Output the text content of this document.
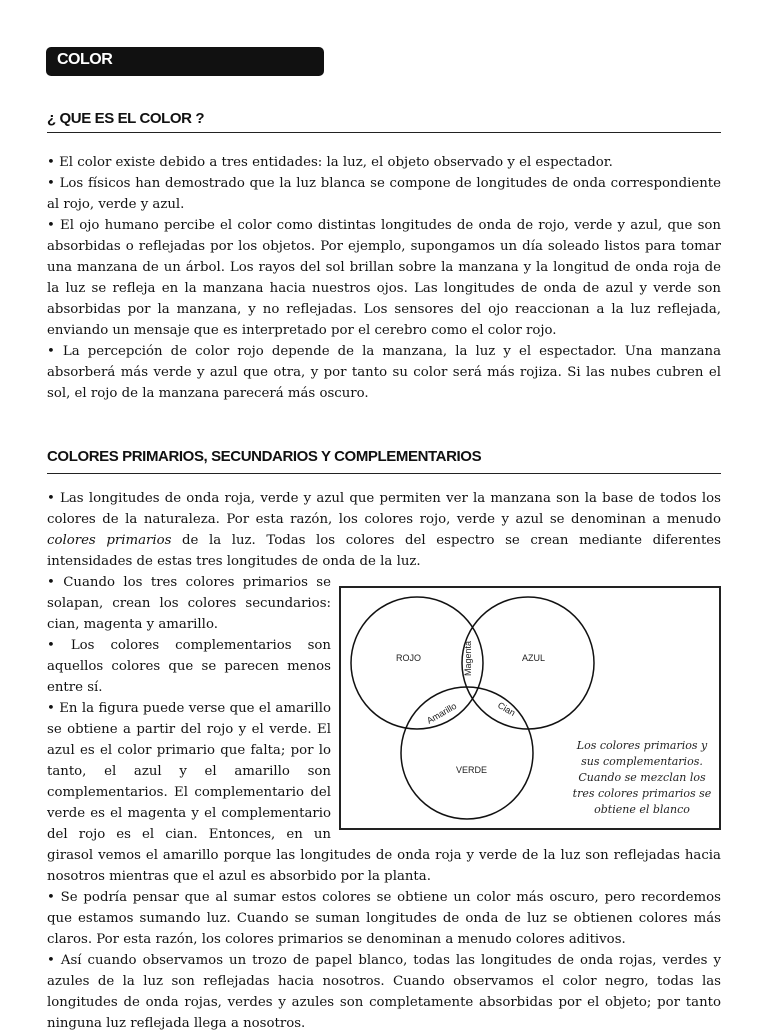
COLOR
¿ QUE ES EL COLOR ?

• El color existe debido a tres entidades: la luz, el objeto observado y el espectador.

• Los físicos han demostrado que la luz blanca se compone de longitudes de onda correspondiente al rojo, verde y azul.

• El ojo humano percibe el color como distintas longitudes de onda de rojo, verde y azul, que son absorbidas o reflejadas por los objetos. Por ejemplo, supongamos un día soleado listos para tomar una manzana de un árbol. Los rayos del sol brillan sobre la manzana y la longitud de onda roja de la luz se refleja en la manzana hacia nuestros ojos. Las longitudes de onda de azul y verde son absorbidas por la manzana, y no reflejadas. Los sensores del ojo reaccionan a la luz reflejada, enviando un mensaje que es interpretado por el cerebro como el color rojo.

• La percepción de color rojo depende de la manzana, la luz y el espectador. Una manzana absorberá más verde y azul que otra, y por tanto su color será más rojiza. Si las nubes cubren el sol, el rojo de la manzana parecerá más oscuro.

COLORES PRIMARIOS, SECUNDARIOS Y COMPLEMENTARIOS

• Las longitudes de onda roja, verde y azul que permiten ver la manzana son la base de todos los colores de la naturaleza. Por esta razón, los colores rojo, verde y azul se denominan a menudo colores primarios de la luz. Todas los colores del espectro se crean mediante diferentes intensidades de estas tres longitudes de onda de la luz.

ROJO	AZUL
VERDE
Magenta
Amarillo	Cian
Los colores primarios y sus complementarios. Cuando se mezclan los tres colores primarios se obtiene el blanco

• Cuando los tres colores primarios se solapan, crean los colores secundarios: cian, magenta y amarillo.

• Los colores complementarios son aquellos colores que se parecen menos entre sí.

• En la figura puede verse que el amarillo se obtiene a partir del rojo y el verde. El azul es el color primario que falta; por lo tanto, el azul y el amarillo son complementarios. El complementario del verde es el magenta y el complementario del rojo es el cian. Entonces, en un girasol vemos el amarillo porque las longitudes de onda roja y verde de la luz son reflejadas hacia nosotros mientras que el azul es absorbido por la planta.

• Se podría pensar que al sumar estos colores se obtiene un color más oscuro, pero recordemos que estamos sumando luz. Cuando se suman longitudes de onda de luz se obtienen colores más claros. Por esta razón, los colores primarios se denominan a menudo colores aditivos.

• Así cuando observamos un trozo de papel blanco, todas las longitudes de onda rojas, verdes y azules de la luz son reflejadas hacia nosotros. Cuando observamos el color negro, todas las longitudes de onda rojas, verdes y azules son completamente absorbidas por el objeto; por tanto ninguna luz reflejada llega a nosotros.
